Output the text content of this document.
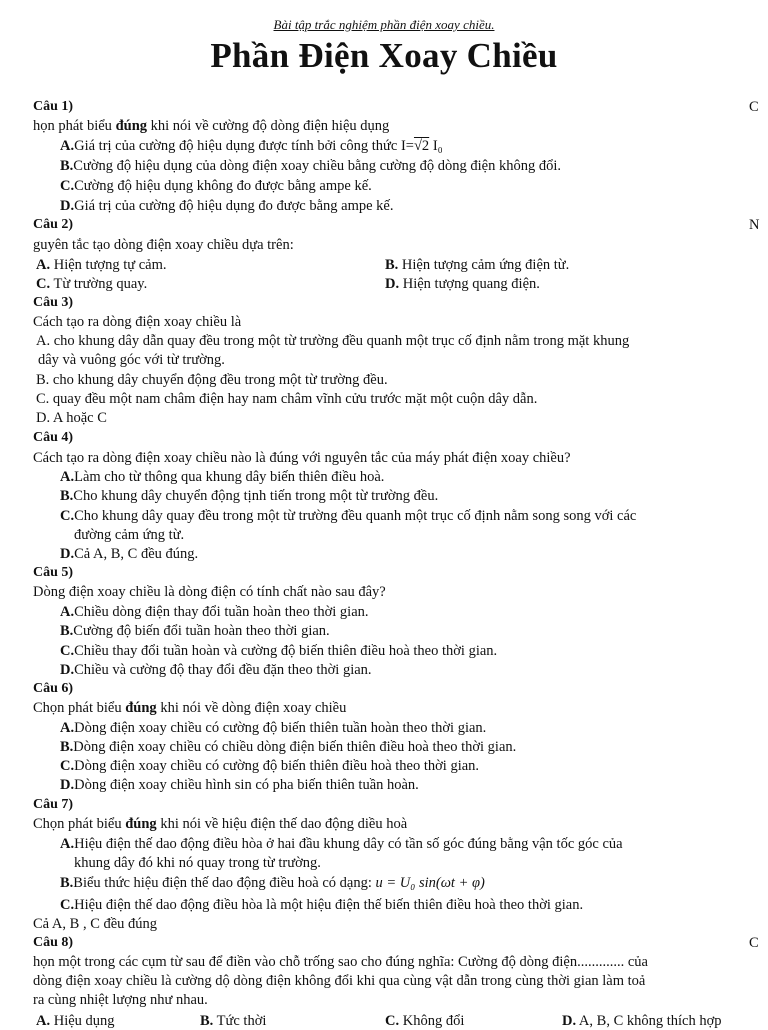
Bài tập trắc nghiệm phần điện xoay chiều.
Phần Điện Xoay Chiều
Câu 1)	C
họn phát biểu đúng khi nói về cường độ dòng điện hiệu dụng
A.Giá trị của cường độ hiệu dụng được tính bởi công thức I=√2 I₀
B.Cường độ hiệu dụng của dòng điện xoay chiều bằng cường độ dòng điện không đổi.
C.Cường độ hiệu dụng không đo được bằng ampe kế.
D.Giá trị của cường độ hiệu dụng đo được bằng ampe kế.
Câu 2)	N
guyên tắc tạo dòng điện xoay chiều dựa trên:
A. Hiện tượng tự cảm.	B. Hiện tượng cảm ứng điện từ.
C. Từ trường quay.	D. Hiện tượng quang điện.
Câu 3)
Cách tạo ra dòng điện xoay chiều là
A. cho khung dây dẫn quay đều trong một từ trường đều quanh một trục cố định nằm trong mặt khung
dây và vuông góc với từ trường.
B. cho khung dây chuyển động đều trong một từ trường đều.
C. quay đều một nam châm điện hay nam châm vĩnh cửu trước mặt một cuộn dây dẫn.
D. A hoặc C
Câu 4)
Cách tạo ra dòng điện xoay chiều nào là đúng với nguyên tắc của máy phát điện xoay chiều?
A.Làm cho từ thông qua khung dây biến thiên điều hoà.
B.Cho khung dây chuyển động tịnh tiến trong một từ trường đều.
C.Cho khung dây quay đều trong một từ trường đều quanh một trục cố định nằm song song với các
đường cảm ứng từ.
D.Cả A, B, C đều đúng.
Câu 5)
Dòng điện xoay chiều là dòng điện có tính chất nào sau đây?
A.Chiều dòng điện thay đổi tuần hoàn theo thời gian.
B.Cường độ biến đổi tuần hoàn theo thời gian.
C.Chiều thay đổi tuần hoàn và cường độ biến thiên điều hoà theo thời gian.
D.Chiều và cường độ thay đổi đều đặn theo thời gian.
Câu 6)
Chọn phát biểu đúng khi nói về dòng điện xoay chiều
A.Dòng điện xoay chiều có cường độ biến thiên tuần hoàn theo thời gian.
B.Dòng điện xoay chiều có chiều dòng điện biến thiên điều hoà theo thời gian.
C.Dòng điện xoay chiều có cường độ biến thiên điều hoà theo thời gian.
D.Dòng điện xoay chiều hình sin có pha biến thiên tuần hoàn.
Câu 7)
Chọn phát biểu đúng khi nói về hiệu điện thế dao động diều hoà
A.Hiệu điện thế dao động điều hòa ở hai đầu khung dây có tần số góc đúng bằng vận tốc góc của
khung dây đó khi nó quay trong từ trường.
B.Biểu thức hiệu điện thế dao động điều hoà có dạng: u = U₀ sin(ωt + φ)
C.Hiệu điện thế dao động điều hòa là một hiệu điện thế biến thiên điều hoà theo thời gian.
Cả A, B , C đều đúng
Câu 8)	C
họn một trong các cụm từ sau để điền vào chỗ trống sao cho đúng nghĩa: Cường độ dòng điện............. của
dòng điện xoay chiều là cường dộ dòng điện không đổi khi qua cùng vật dẫn trong cùng thời gian làm toả
ra cùng nhiệt lượng như nhau.
A. Hiệu dụng	B. Tức thời	C. Không đổi	D. A, B, C không thích hợp
